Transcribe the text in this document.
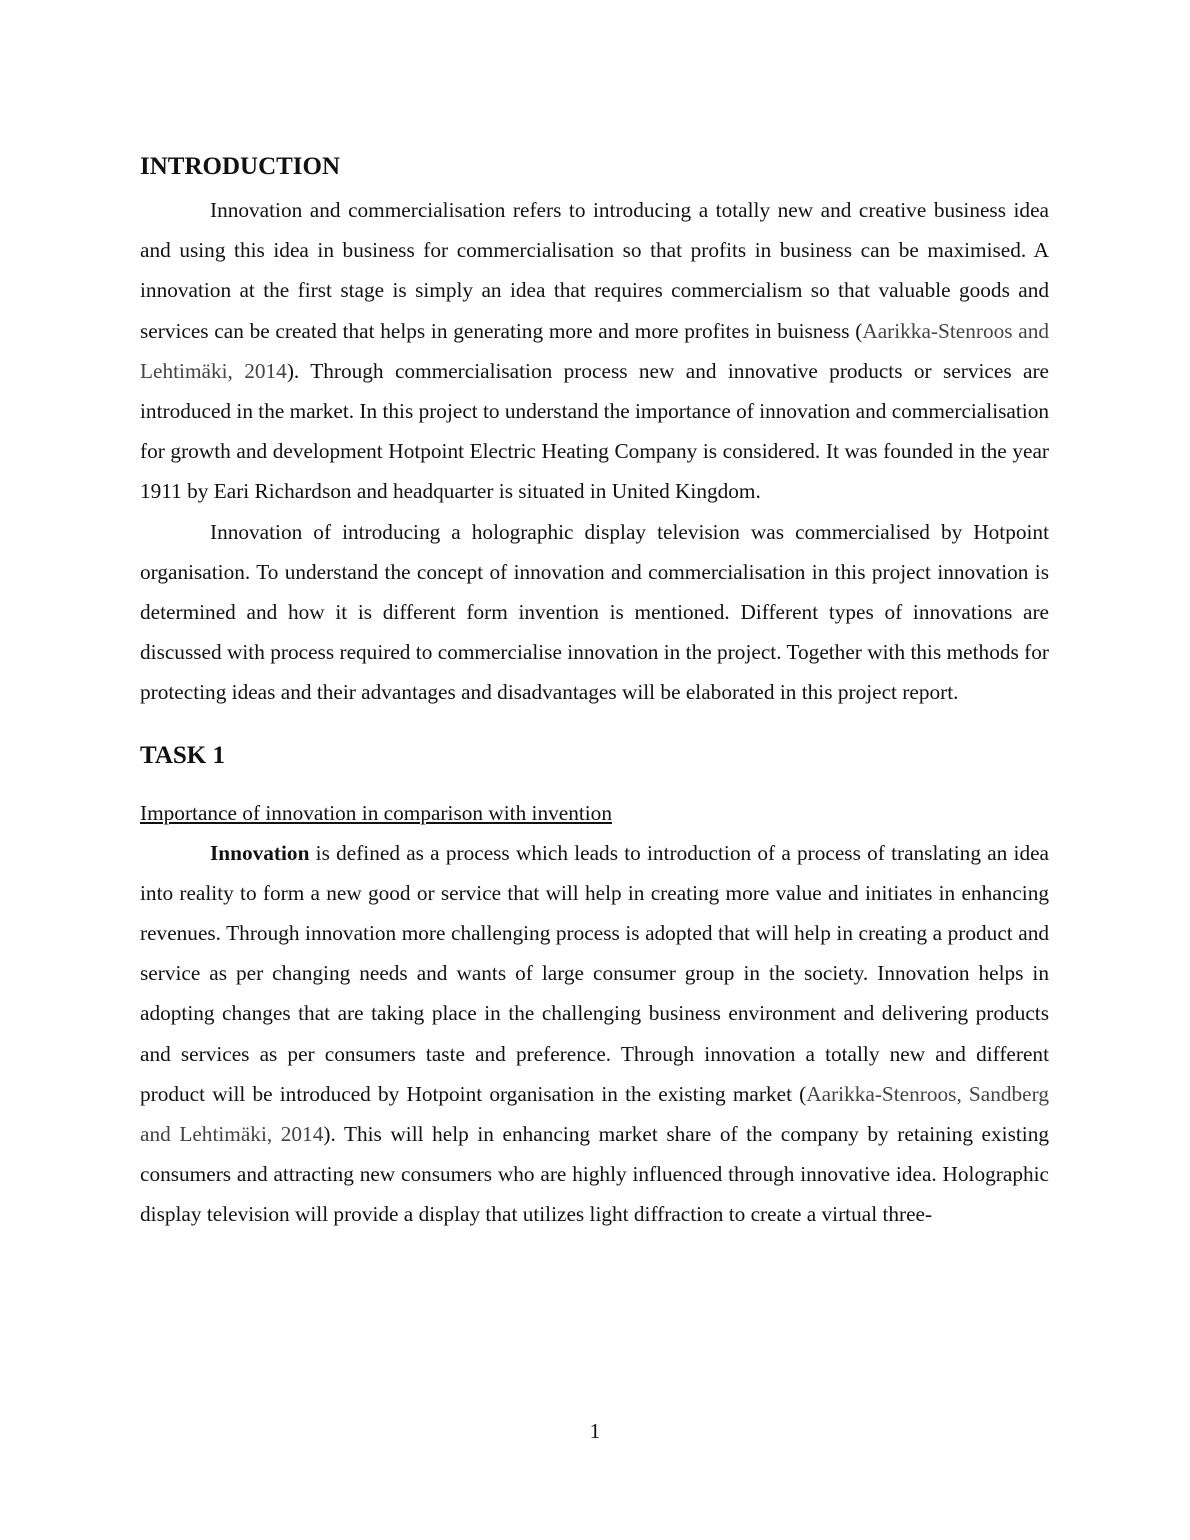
INTRODUCTION

Innovation and commercialisation refers to introducing a totally new and creative business idea and using this idea in business for commercialisation so that profits in business can be maximised. A innovation at the first stage is simply an idea that requires commercialism so that valuable goods and services can be created that helps in generating more and more profites in buisness (Aarikka-Stenroos and Lehtimäki, 2014). Through commercialisation process new and innovative products or services are introduced in the market. In this project to understand the importance of innovation and commercialisation for growth and development Hotpoint Electric Heating Company is considered. It was founded in the year 1911 by Eari Richardson and headquarter is situated in United Kingdom.

Innovation of introducing a holographic display television was commercialised by Hotpoint organisation. To understand the concept of innovation and commercialisation in this project innovation is determined and how it is different form invention is mentioned. Different types of innovations are discussed with process required to commercialise innovation in the project. Together with this methods for protecting ideas and their advantages and disadvantages will be elaborated in this project report.

TASK 1

Importance of innovation in comparison with invention

Innovation is defined as a process which leads to introduction of a process of translating an idea into reality to form a new good or service that will help in creating more value and initiates in enhancing revenues. Through innovation more challenging process is adopted that will help in creating a product and service as per changing needs and wants of large consumer group in the society. Innovation helps in adopting changes that are taking place in the challenging business environment and delivering products and services as per consumers taste and preference. Through innovation a totally new and different product will be introduced by Hotpoint organisation in the existing market (Aarikka-Stenroos, Sandberg and Lehtimäki, 2014). This will help in enhancing market share of the company by retaining existing consumers and attracting new consumers who are highly influenced through innovative idea. Holographic display television will provide a display that utilizes light diffraction to create a virtual three-

1
